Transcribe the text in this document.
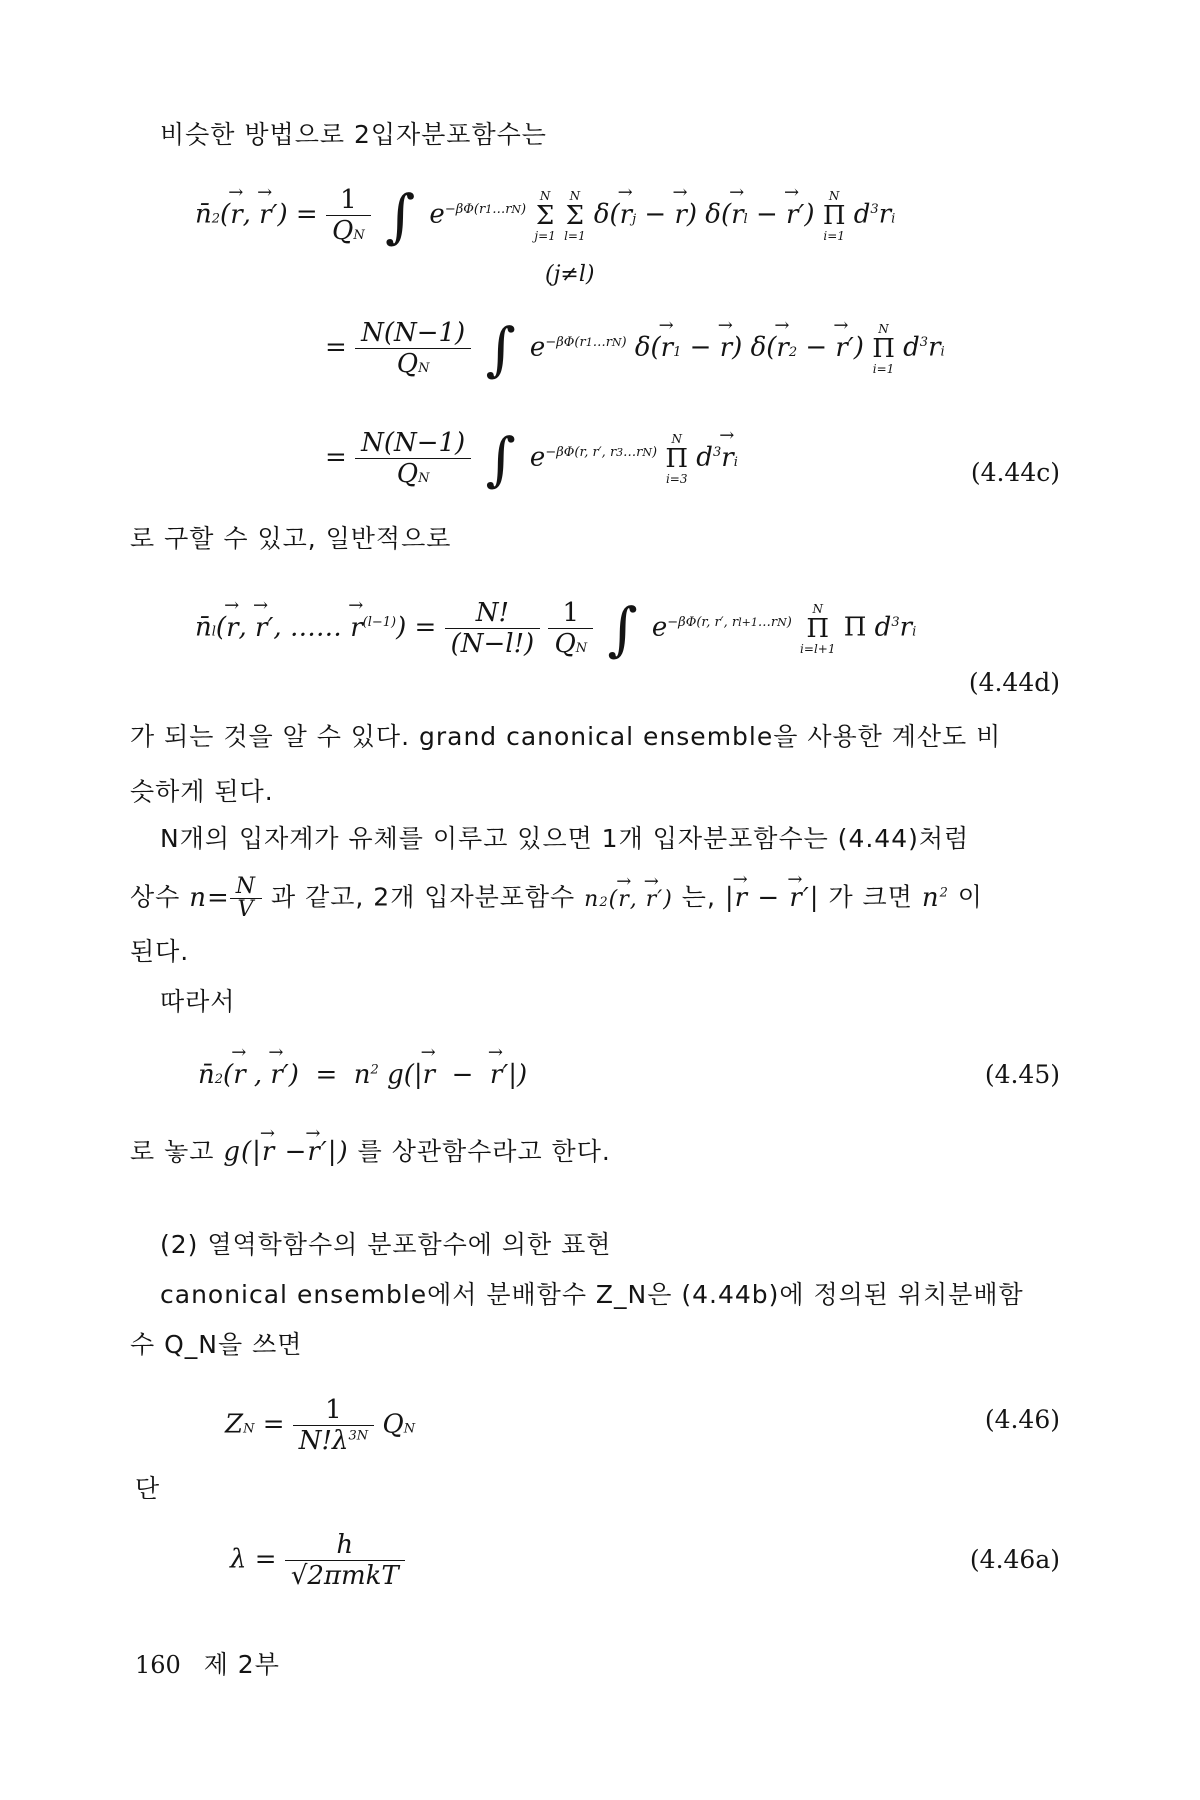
비슷한 방법으로 2입자분포함수는
n̄2(→ r, → $r') = \frac{1}{QN}$ ∫ $e^{-\beta\Phi(r1\dots rN)}$ N
Σ
j=1 N
Σ
l=1 δ(→ rj − → r) δ(→ rl − → r′) N
Π
i=1 $d^3ri$
(j≠l)
= $\frac{N(N-1)}{QN}$ ∫ $e^{-\beta\Phi(r1\dots rN)}$ δ(→ r1 − → r) δ(→ r2 − → r′) N
Π
i=1 $d^3ri$
= $\frac{N(N-1)}{QN}$ ∫ $e^{-\beta\Phi(r, r', r3\dots rN)}$ N
Π
i=3 $d^3\to$ ri	(4.44c)
로 구할 수 있고, 일반적으로
n̄l(→ r, → r′, …… → $r^{(l-1)}) = \frac{N!}{(N-l!)}$
$\frac{1}{QN}$ ∫ $e^{-\beta\Phi(r, r', rl+1\dots rN)}$ N
Π
i=l+1 Π $d^3ri$
(4.44d)
가 되는 것을 알 수 있다. grand canonical ensemble을 사용한 계산도 비
슷하게 된다.
N개의 입자계가 유체를 이루고 있으면 1개 입자분포함수는 (4.44)처럼
상수 $n= \frac{N}{V}$ 과 같고, 2개 입자분포함수 n2(→ r, → r′) 는, |→ r − → r′| 가 크면 $n^2$ 이
된다.
따라서
n̄2(→ r , → $r') = n^2$ g(|→ r  −  → r′|)	(4.45)
로 놓고 g(|→ r −→ r′|) 를 상관함수라고 한다.
(2) 열역학함수의 분포함수에 의한 표현
canonical ensemble에서 분배함수 Z_N은 (4.44b)에 정의된 위치분배함
수 Q_N을 쓰면
ZN = $\frac{1}{N!\lambda^{3N}}$ QN	(4.46)
단
$\lambda = \frac{h}{\text{√2πmkT}}$	(4.46a)
160 제 2부
